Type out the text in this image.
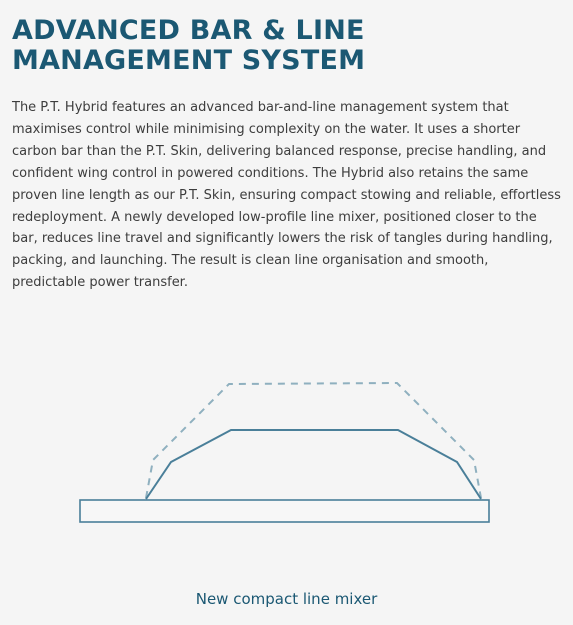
ADVANCED BAR & LINE
MANAGEMENT SYSTEM

The P.T. Hybrid features an advanced bar-and-line management system that maximises control while minimising complexity on the water. It uses a shorter carbon bar than the P.T. Skin, delivering balanced response, precise handling, and confident wing control in powered conditions. The Hybrid also retains the same proven line length as our P.T. Skin, ensuring compact stowing and reliable, effortless redeployment. A newly developed low-profile line mixer, positioned closer to the bar, reduces line travel and significantly lowers the risk of tangles during handling, packing, and launching. The result is clean line organisation and smooth, predictable power transfer.

New compact line mixer
